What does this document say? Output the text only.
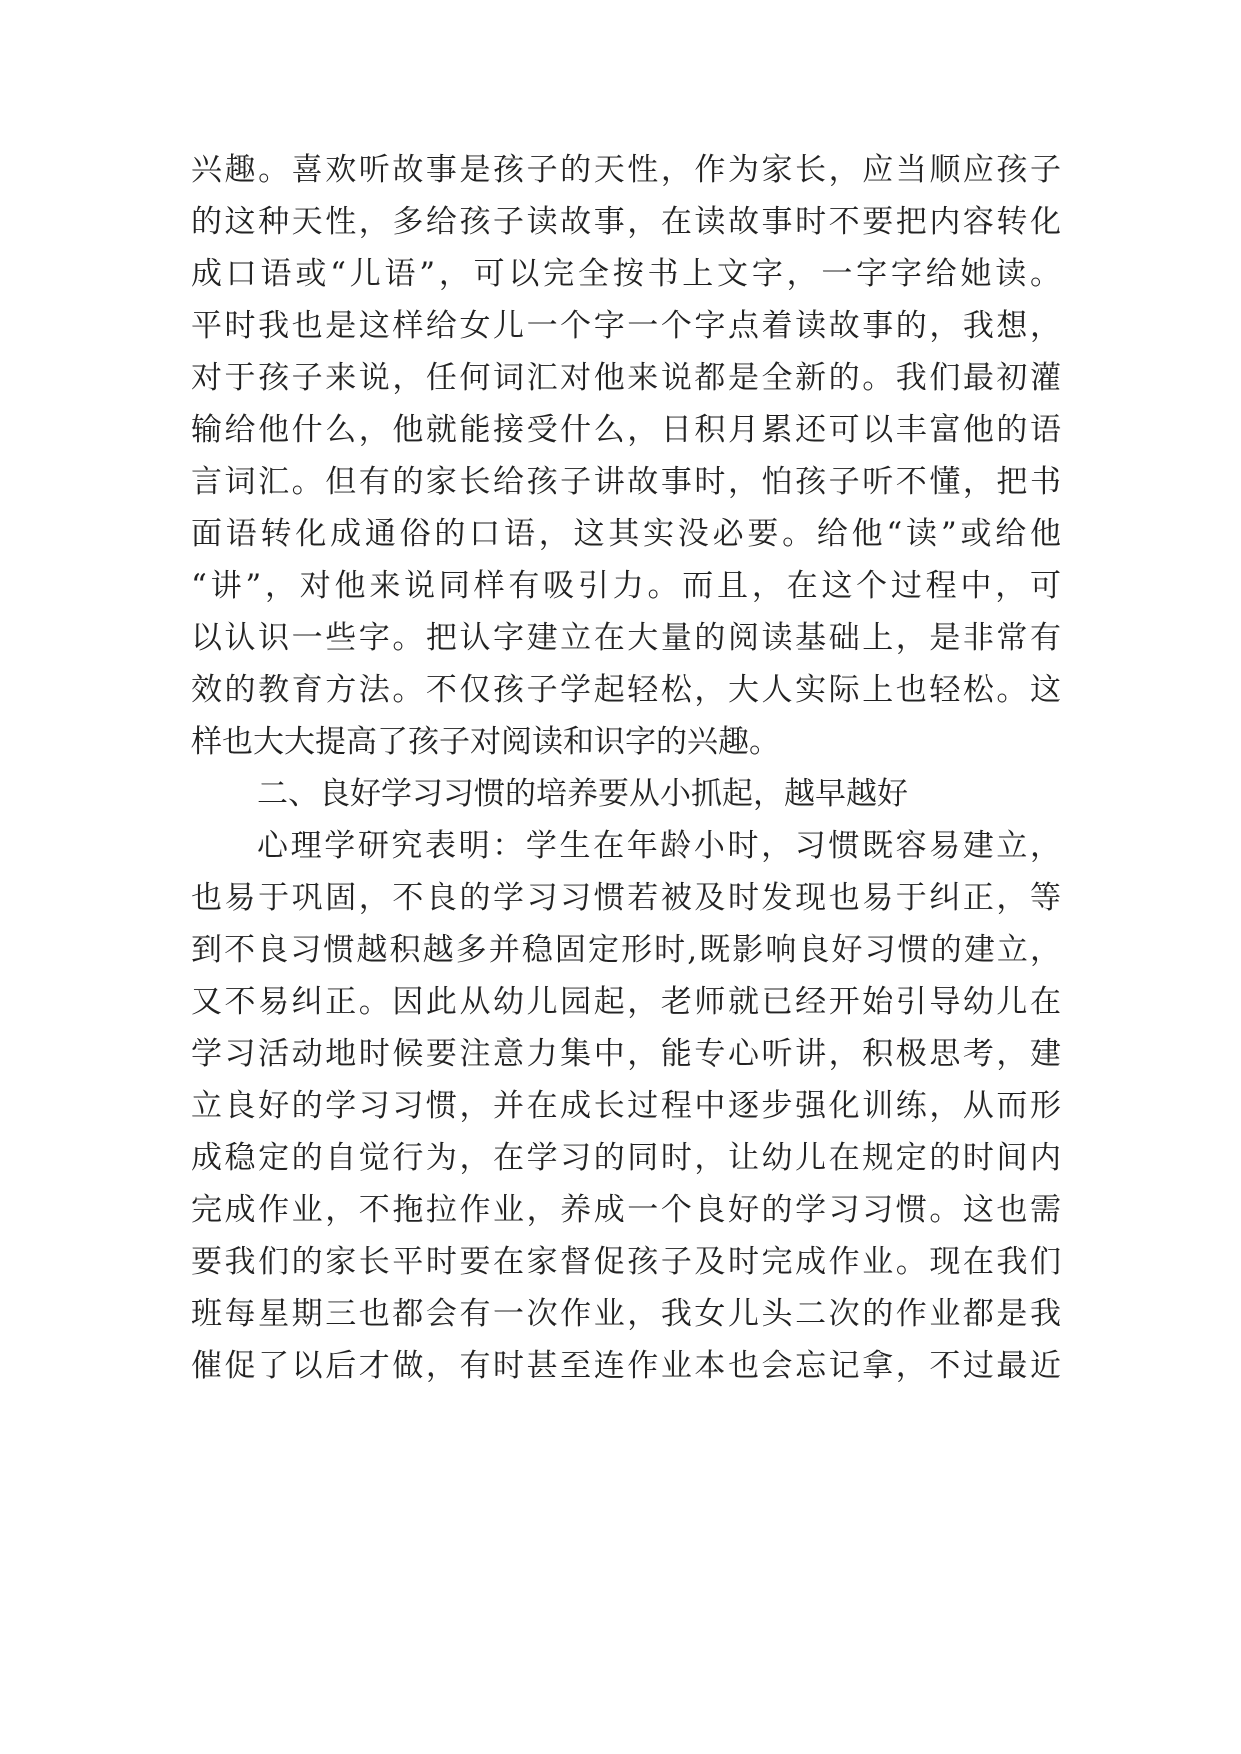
兴趣。喜欢听故事是孩子的天性，作为家长，应当顺应孩子
的这种天性，多给孩子读故事，在读故事时不要把内容转化
成口语或“儿语”，可以完全按书上文字，一字字给她读。
平时我也是这样给女儿一个字一个字点着读故事的，我想，
对于孩子来说，任何词汇对他来说都是全新的。我们最初灌
输给他什么，他就能接受什么，日积月累还可以丰富他的语
言词汇。但有的家长给孩子讲故事时，怕孩子听不懂，把书
面语转化成通俗的口语，这其实没必要。给他“读”或给他
“讲”，对他来说同样有吸引力。而且，在这个过程中，可
以认识一些字。把认字建立在大量的阅读基础上，是非常有
效的教育方法。不仅孩子学起轻松，大人实际上也轻松。这
样也大大提高了孩子对阅读和识字的兴趣。
二、良好学习习惯的培养要从小抓起，越早越好
心理学研究表明：学生在年龄小时，习惯既容易建立，
也易于巩固，不良的学习习惯若被及时发现也易于纠正，等
到不良习惯越积越多并稳固定形时,既影响良好习惯的建立，
又不易纠正。因此从幼儿园起，老师就已经开始引导幼儿在
学习活动地时候要注意力集中，能专心听讲，积极思考，建
立良好的学习习惯，并在成长过程中逐步强化训练，从而形
成稳定的自觉行为，在学习的同时，让幼儿在规定的时间内
完成作业，不拖拉作业，养成一个良好的学习习惯。这也需
要我们的家长平时要在家督促孩子及时完成作业。现在我们
班每星期三也都会有一次作业，我女儿头二次的作业都是我
催促了以后才做，有时甚至连作业本也会忘记拿，不过最近
